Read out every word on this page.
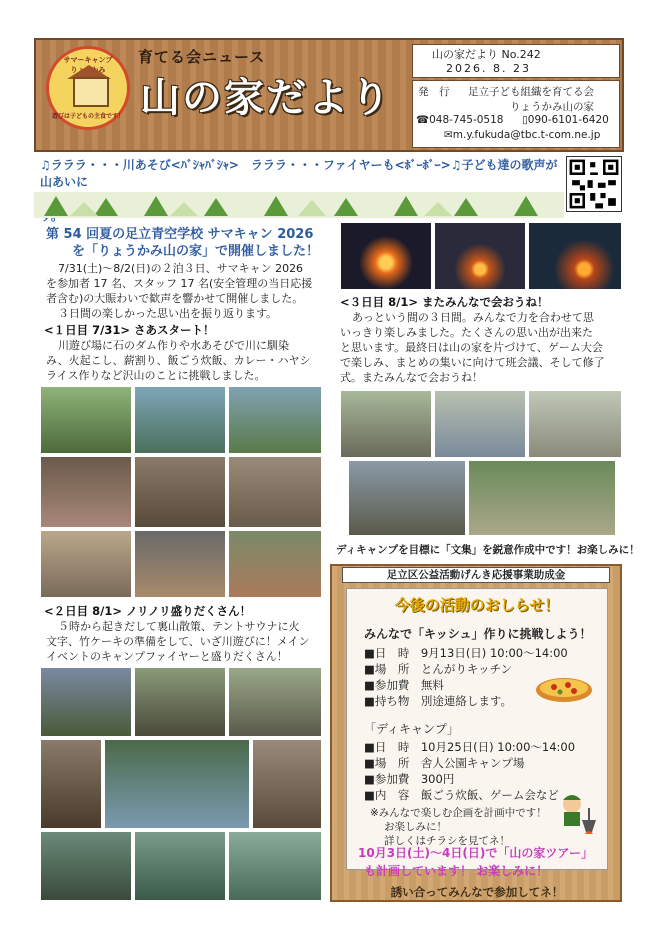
サマーキャンプ
りょうかみ
遊びは子どもの主食です！
育てる会ニュース
山の家だより
山の家だより No.242
2026. 8. 23
発　行 足立子ども組織を育てる会
りょうかみ山の家
☎048-745-0518 ▯090-6101-6420
✉m.y.fukuda@tbc.t-com.ne.jp
♫ラララ・・・川あそび<ﾊﾞｼｬﾊﾞｼｬ>　ラララ・・・ファイヤーも<ﾎﾞｰﾎﾞｰ>♫子ども達の歌声が山あいに
第 54 回夏の足立青空学校 サマキャン 2026
を「りょうかみ山の家」で開催しました！
7/31(土)～8/2(日)の２泊３日、サマキャン 2026
を参加者 17 名、スタッフ 17 名(安全管理の当日応援
者含む)の大賑わいで歓声を響かせて開催しました。
３日間の楽しかった思い出を振り返ります。
<１日目 7/31> さあスタート！
川遊び場に石のダム作りや水あそびで川に馴染
み、火起こし、薪割り、飯ごう炊飯、カレー・ハヤシ
ライス作りなど沢山のことに挑戦しました。
<２日目 8/1> ノリノリ盛りだくさん！
５時から起きだして裏山散策、テントサウナに火
文字、竹ケーキの準備をして、いざ川遊びに！メイン
イベントのキャンプファイヤーと盛りだくさん！
<３日目 8/1> またみんなで会おうね！
あっという間の３日間。みんなで力を合わせて思
いっきり楽しみました。たくさんの思い出が出来た
と思います。最終日は山の家を片づけて、ゲーム大会
で楽しみ、まとめの集いに向けて班会議、そして修了
式。またみんなで会おうね！
ディキャンプを目標に「文集」を鋭意作成中です！お楽しみに！
足立区公益活動げんき応援事業助成金
今後の活動のおしらせ！
みんなで「キッシュ」作りに挑戦しよう！
■日　時　9月13日(日) 10:00～14:00
■場　所　とんがりキッチン
■参加費　無料
■持ち物　別途連絡します。
「ディキャンプ」
■日　時　10月25日(日) 10:00～14:00
■場　所　舎人公園キャンプ場
■参加費　300円
■内　容　飯ごう炊飯、ゲーム会など
※みんなで楽しむ企画を計画中です！
お楽しみに！
詳しくはチラシを見てネ！
10月3日(土)～4日(日)で「山の家ツアー」
も計画しています！ お楽しみに！
誘い合ってみんなで参加してネ！
